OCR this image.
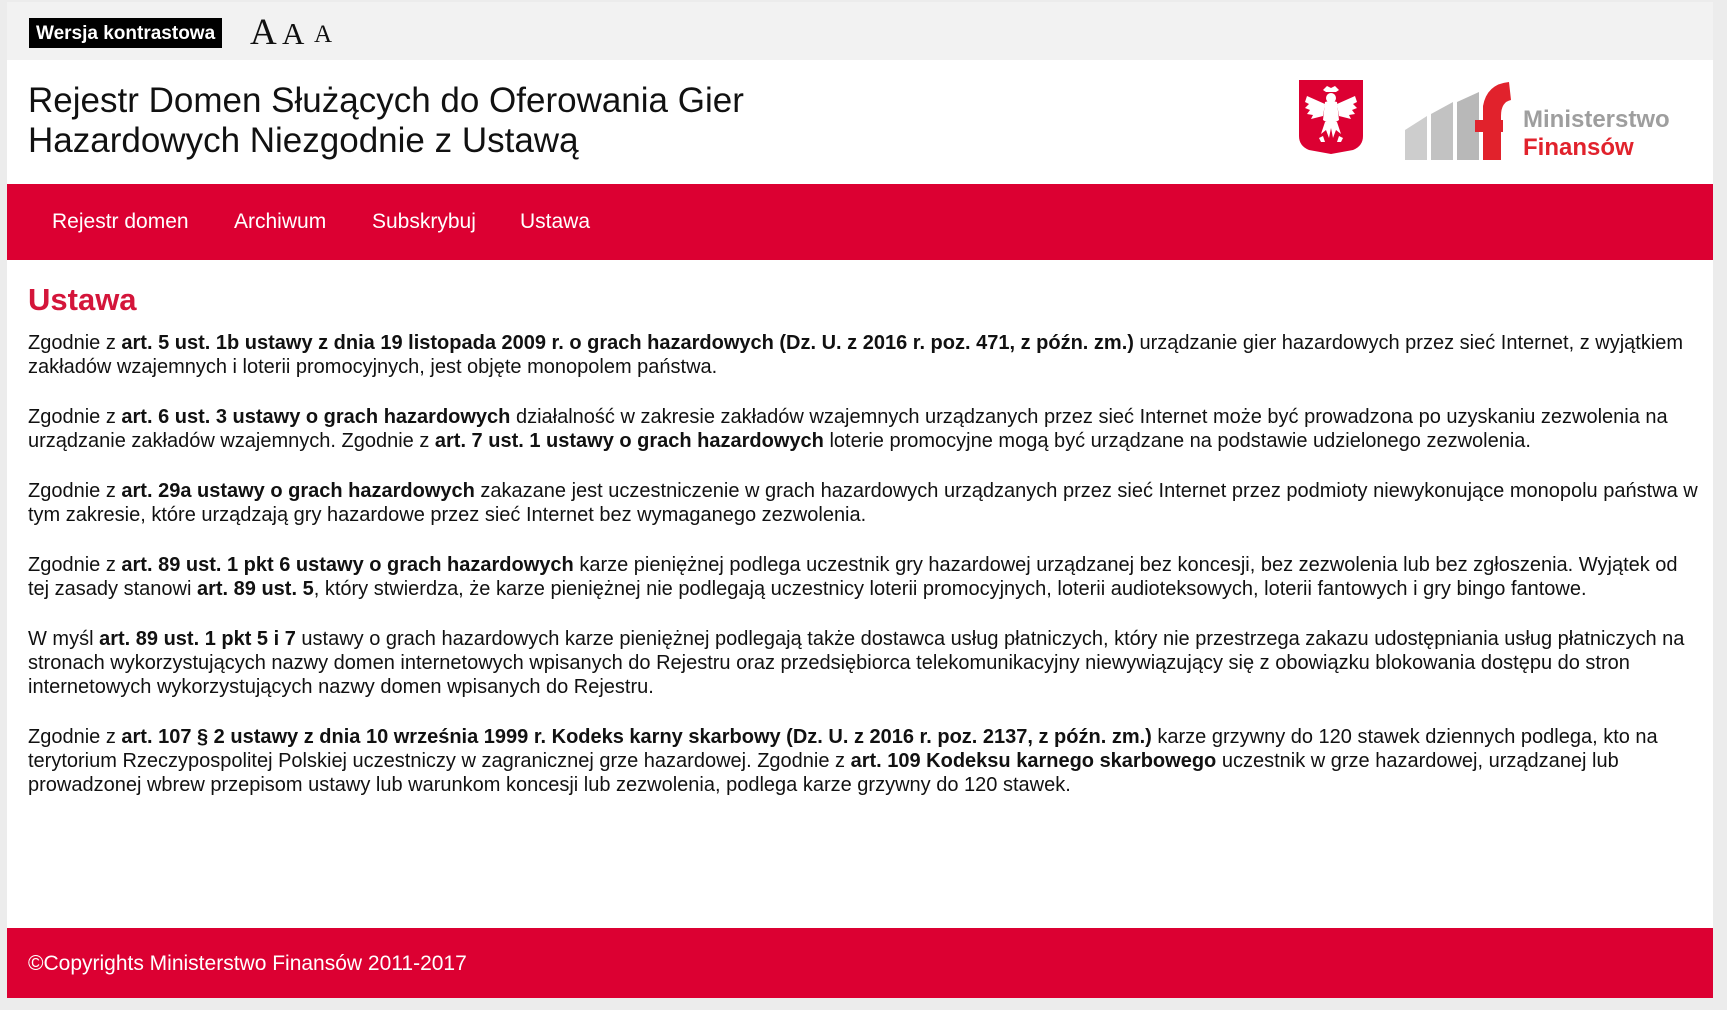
Wersja kontrastowa A A A
Rejestr Domen Służących do Oferowania Gier
Hazardowych Niezgodnie z Ustawą
Ministerstwo
Finansów
Rejestr domen Archiwum Subskrybuj Ustawa
Ustawa

Zgodnie z art. 5 ust. 1b ustawy z dnia 19 listopada 2009 r. o grach hazardowych (Dz. U. z 2016 r. poz. 471, z późn. zm.) urządzanie gier hazardowych przez sieć Internet, z wyjątkiem zakładów wzajemnych i loterii promocyjnych, jest objęte monopolem państwa.

Zgodnie z art. 6 ust. 3 ustawy o grach hazardowych działalność w zakresie zakładów wzajemnych urządzanych przez sieć Internet może być prowadzona po uzyskaniu zezwolenia na urządzanie zakładów wzajemnych. Zgodnie z art. 7 ust. 1 ustawy o grach hazardowych loterie promocyjne mogą być urządzane na podstawie udzielonego zezwolenia.

Zgodnie z art. 29a ustawy o grach hazardowych zakazane jest uczestniczenie w grach hazardowych urządzanych przez sieć Internet przez podmioty niewykonujące monopolu państwa w tym zakresie, które urządzają gry hazardowe przez sieć Internet bez wymaganego zezwolenia.

Zgodnie z art. 89 ust. 1 pkt 6 ustawy o grach hazardowych karze pieniężnej podlega uczestnik gry hazardowej urządzanej bez koncesji, bez zezwolenia lub bez zgłoszenia. Wyjątek od tej zasady stanowi art. 89 ust. 5, który stwierdza, że karze pieniężnej nie podlegają uczestnicy loterii promocyjnych, loterii audioteksowych, loterii fantowych i gry bingo fantowe.

W myśl art. 89 ust. 1 pkt 5 i 7 ustawy o grach hazardowych karze pieniężnej podlegają także dostawca usług płatniczych, który nie przestrzega zakazu udostępniania usług płatniczych na stronach wykorzystujących nazwy domen internetowych wpisanych do Rejestru oraz przedsiębiorca telekomunikacyjny niewywiązujący się z obowiązku blokowania dostępu do stron internetowych wykorzystujących nazwy domen wpisanych do Rejestru.

Zgodnie z art. 107 § 2 ustawy z dnia 10 września 1999 r. Kodeks karny skarbowy (Dz. U. z 2016 r. poz. 2137, z późn. zm.) karze grzywny do 120 stawek dziennych podlega, kto na terytorium Rzeczypospolitej Polskiej uczestniczy w zagranicznej grze hazardowej. Zgodnie z art. 109 Kodeksu karnego skarbowego uczestnik w grze hazardowej, urządzanej lub prowadzonej wbrew przepisom ustawy lub warunkom koncesji lub zezwolenia, podlega karze grzywny do 120 stawek.

©Copyrights Ministerstwo Finansów 2011-2017
